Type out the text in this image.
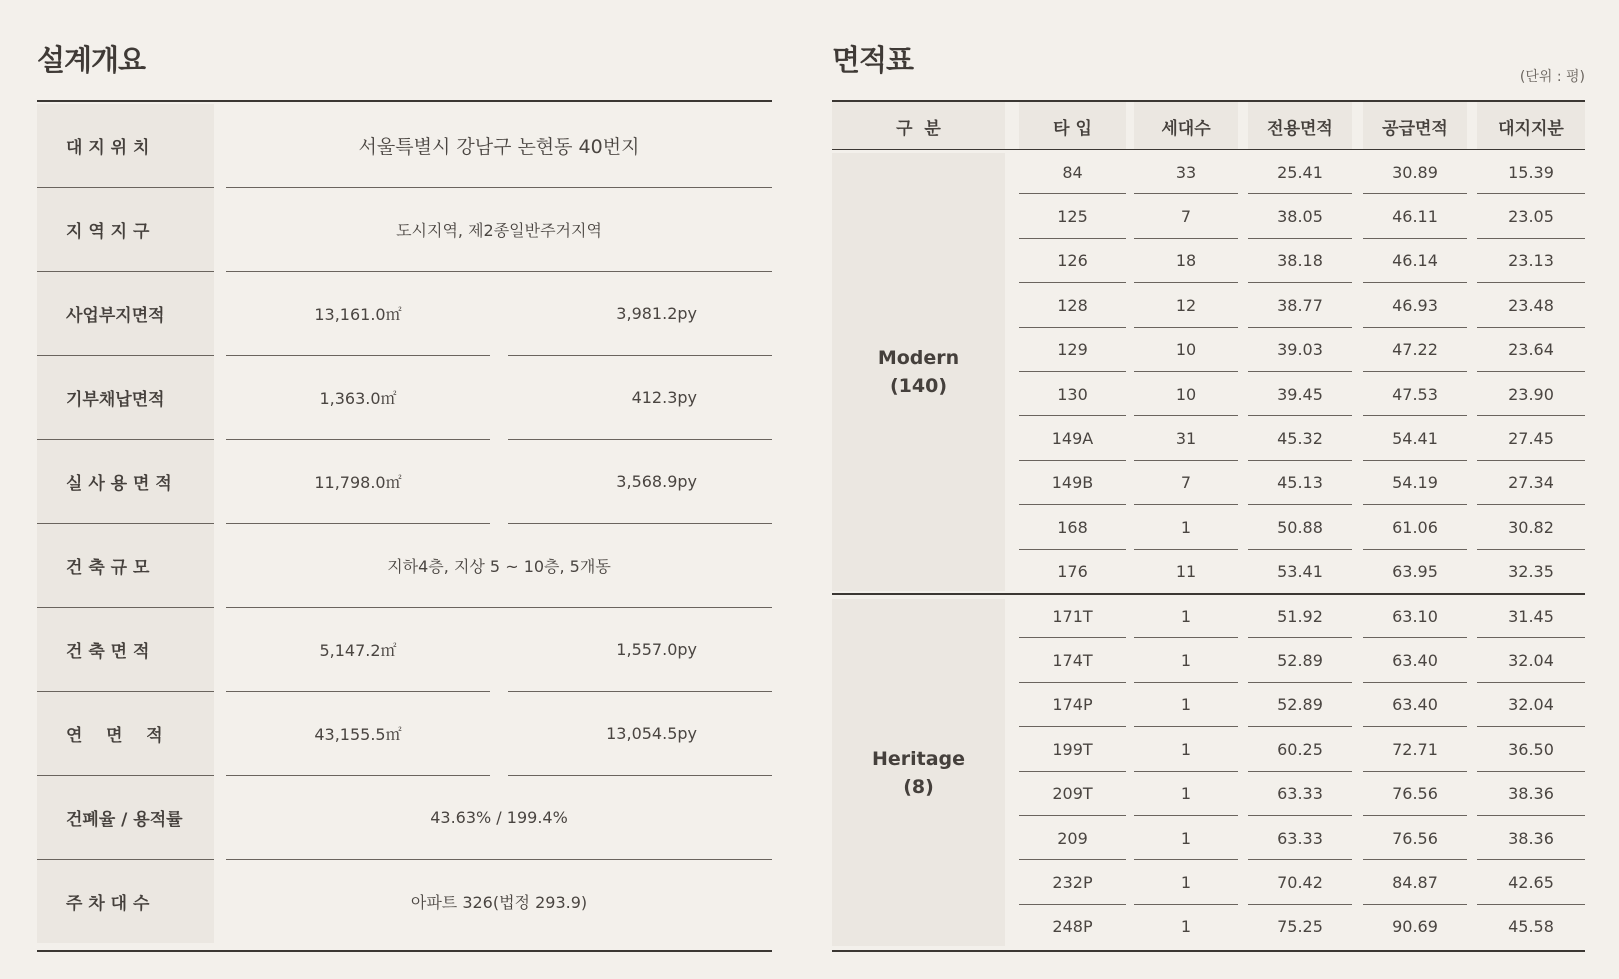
설계개요
대 지 위 치	서울특별시 강남구 논현동 40번지
지 역 지 구	도시지역, 제2종일반주거지역
사업부지면적	13,161.0㎡	3,981.2py
기부채납면적	1,363.0㎡	412.3py
실 사 용 면 적	11,798.0㎡	3,568.9py
건 축 규 모	지하4층, 지상 5 ~ 10층, 5개동
건 축 면 적	5,147.2㎡	1,557.0py
연    면    적	43,155.5㎡	13,054.5py
건폐율 / 용적률	43.63% / 199.4%
주 차 대 수	아파트 326(법정 293.9)
면적표	(단위 : 평)
구  분	타 입	세대수	전용면적	공급면적	대지지분
Modern
(140)
84	33	25.41	30.89	15.39
125	7	38.05	46.11	23.05
126	18	38.18	46.14	23.13
128	12	38.77	46.93	23.48
129	10	39.03	47.22	23.64
130	10	39.45	47.53	23.90
149A	31	45.32	54.41	27.45
149B	7	45.13	54.19	27.34
168	1	50.88	61.06	30.82
176	11	53.41	63.95	32.35
Heritage
(8)
171T	1	51.92	63.10	31.45
174T	1	52.89	63.40	32.04
174P	1	52.89	63.40	32.04
199T	1	60.25	72.71	36.50
209T	1	63.33	76.56	38.36
209	1	63.33	76.56	38.36
232P	1	70.42	84.87	42.65
248P	1	75.25	90.69	45.58
